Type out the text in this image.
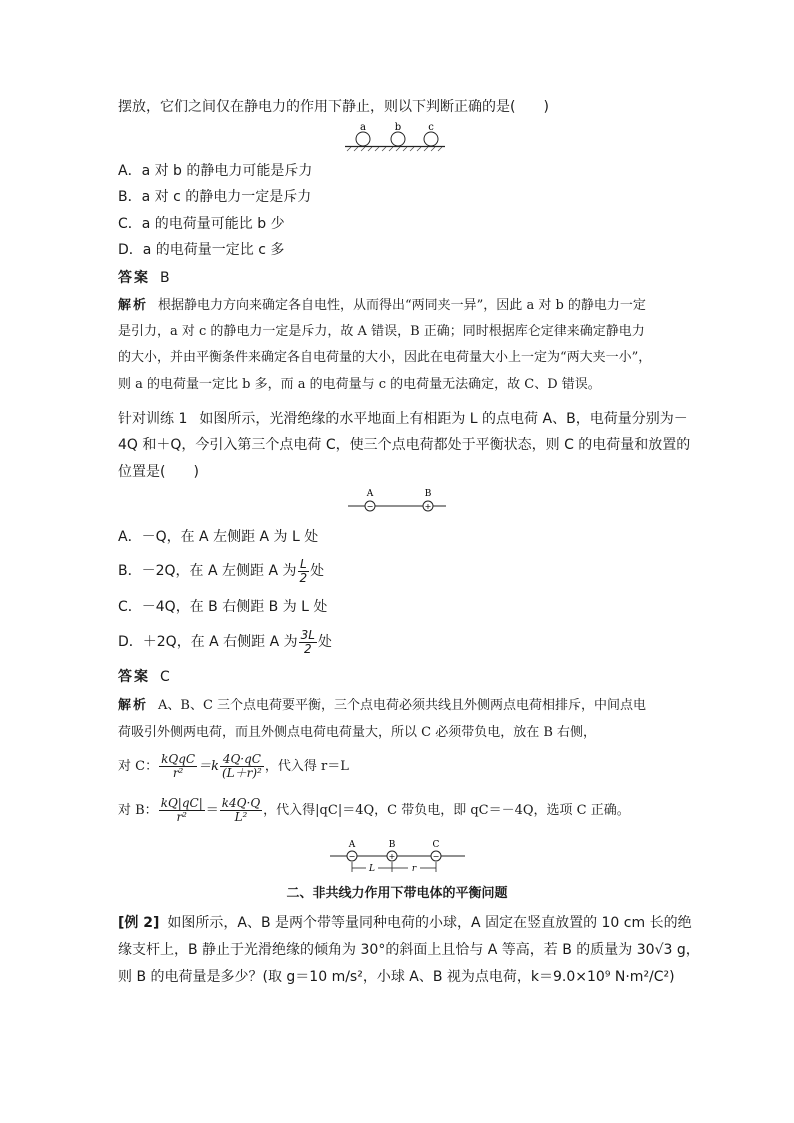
摆放，它们之间仅在静电力的作用下静止，则以下判断正确的是(　　)
a	b	c
A．a 对 b 的静电力可能是斥力
B．a 对 c 的静电力一定是斥力
C．a 的电荷量可能比 b 少
D．a 的电荷量一定比 c 多
答案 B
解析 根据静电力方向来确定各自电性，从而得出“两同夹一异”，因此 a 对 b 的静电力一定
是引力，a 对 c 的静电力一定是斥力，故 A 错误，B 正确；同时根据库仑定律来确定静电力
的大小，并由平衡条件来确定各自电荷量的大小，因此在电荷量大小上一定为“两大夹一小”，
则 a 的电荷量一定比 b 多，而 a 的电荷量与 c 的电荷量无法确定，故 C、D 错误。
针对训练 1 如图所示，光滑绝缘的水平地面上有相距为 L 的点电荷 A、B，电荷量分别为－
4Q 和＋Q，今引入第三个点电荷 C，使三个点电荷都处于平衡状态，则 C 的电荷量和放置的
位置是(　　)
A	B
−	+
A．－Q，在 A 左侧距 A 为 L 处
B．－2Q，在 A 左侧距 A 为 $\frac{L}{2}$ 处
C．－4Q，在 B 右侧距 B 为 L 处
D．＋2Q，在 A 右侧距 A 为 $\frac{3L}{2}$ 处
答案 C
解析 A、B、C 三个点电荷要平衡，三个点电荷必须共线且外侧两点电荷相排斥，中间点电
荷吸引外侧两电荷，而且外侧点电荷电荷量大，所以 C 必须带负电，放在 B 右侧，
对 C： $\frac{\text{kQqC}}{\text{r²}} =k \frac{4Q\cdot qC}{\text{(L＋r)²}}$ ，代入得 r＝L
对 B： $\frac{kQ|qC|}{\text{r²}} = \frac{k4Q\cdot Q}{\text{L²}}$ ，代入得|qC|＝4Q，C 带负电，即 qC＝－4Q，选项 C 正确。
A	B	C
−	+	−
L	r
二、非共线力作用下带电体的平衡问题
[例 2] 如图所示，A、B 是两个带等量同种电荷的小球，A 固定在竖直放置的 10 cm 长的绝
缘支杆上，B 静止于光滑绝缘的倾角为 30°的斜面上且恰与 A 等高，若 B 的质量为 30√3 g，
则 B 的电荷量是多少？(取 g＝10 m/s²，小球 A、B 视为点电荷，k＝9.0×10⁹ N·m²/C²)
